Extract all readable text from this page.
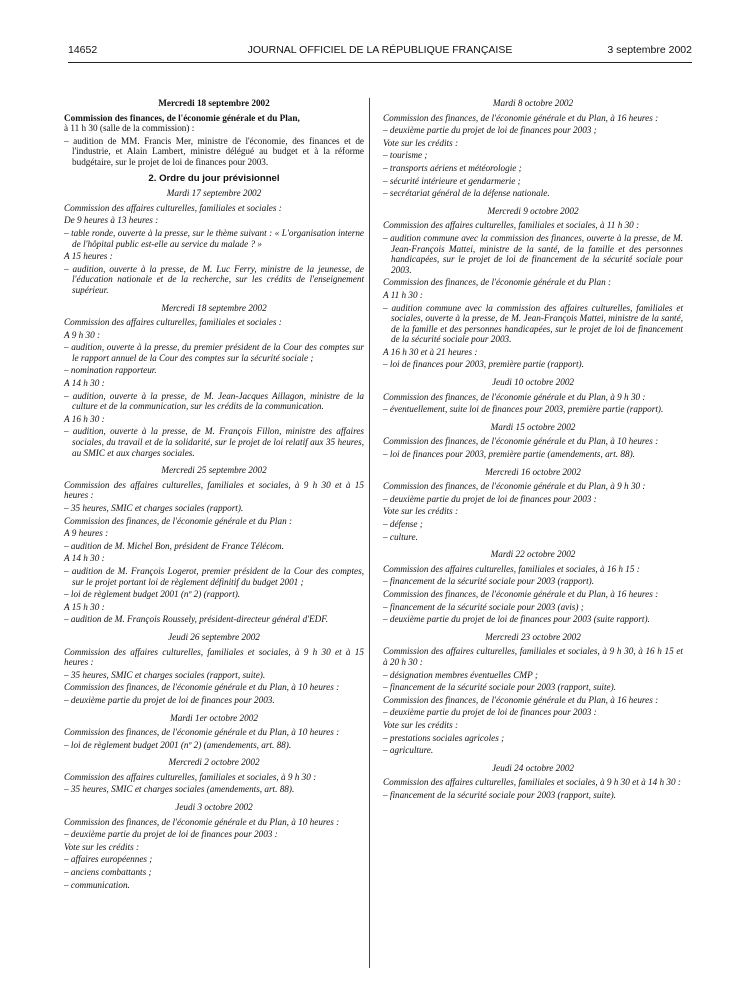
14652	JOURNAL OFFICIEL DE LA RÉPUBLIQUE FRANÇAISE	3 septembre 2002
Mercredi 18 septembre 2002

Commission des finances, de l'économie générale et du Plan,

à 11 h 30 (salle de la commission) :

– audition de MM. Francis Mer, ministre de l'économie, des finances et de l'industrie, et Alain Lambert, ministre délégué au budget et à la réforme budgétaire, sur le projet de loi de finances pour 2003.

2. Ordre du jour prévisionnel
Mardi 17 septembre 2002

Commission des affaires culturelles, familiales et sociales :

De 9 heures à 13 heures :

– table ronde, ouverte à la presse, sur le thème suivant : « L'organisation interne de l'hôpital public est-elle au service du malade ? »

A 15 heures :

– audition, ouverte à la presse, de M. Luc Ferry, ministre de la jeunesse, de l'éducation nationale et de la recherche, sur les crédits de l'enseignement supérieur.

Mercredi 18 septembre 2002

Commission des affaires culturelles, familiales et sociales :

A 9 h 30 :

– audition, ouverte à la presse, du premier président de la Cour des comptes sur le rapport annuel de la Cour des comptes sur la sécurité sociale ;

– nomination rapporteur.

A 14 h 30 :

– audition, ouverte à la presse, de M. Jean-Jacques Aillagon, ministre de la culture et de la communication, sur les crédits de la communication.

A 16 h 30 :

– audition, ouverte à la presse, de M. François Fillon, ministre des affaires sociales, du travail et de la solidarité, sur le projet de loi relatif aux 35 heures, au SMIC et aux charges sociales.

Mercredi 25 septembre 2002

Commission des affaires culturelles, familiales et sociales, à 9 h 30 et à 15 heures :

– 35 heures, SMIC et charges sociales (rapport).

Commission des finances, de l'économie générale et du Plan :

A 9 heures :

– audition de M. Michel Bon, président de France Télécom.

A 14 h 30 :

– audition de M. François Logerot, premier président de la Cour des comptes, sur le projet portant loi de règlement définitif du budget 2001 ;

– loi de règlement budget 2001 (nº 2) (rapport).

A 15 h 30 :

– audition de M. François Roussely, président-directeur général d'EDF.

Jeudi 26 septembre 2002

Commission des affaires culturelles, familiales et sociales, à 9 h 30 et à 15 heures :

– 35 heures, SMIC et charges sociales (rapport, suite).

Commission des finances, de l'économie générale et du Plan, à 10 heures :

– deuxième partie du projet de loi de finances pour 2003.

Mardi 1er octobre 2002

Commission des finances, de l'économie générale et du Plan, à 10 heures :

– loi de règlement budget 2001 (nº 2) (amendements, art. 88).

Mercredi 2 octobre 2002

Commission des affaires culturelles, familiales et sociales, à 9 h 30 :

– 35 heures, SMIC et charges sociales (amendements, art. 88).

Jeudi 3 octobre 2002

Commission des finances, de l'économie générale et du Plan, à 10 heures :

– deuxième partie du projet de loi de finances pour 2003 :

Vote sur les crédits :

– affaires européennes ;

– anciens combattants ;

– communication.

Mardi 8 octobre 2002

Commission des finances, de l'économie générale et du Plan, à 16 heures :

– deuxième partie du projet de loi de finances pour 2003 ;

Vote sur les crédits :

– tourisme ;

– transports aériens et météorologie ;

– sécurité intérieure et gendarmerie ;

– secrétariat général de la défense nationale.

Mercredi 9 octobre 2002

Commission des affaires culturelles, familiales et sociales, à 11 h 30 :

– audition commune avec la commission des finances, ouverte à la presse, de M. Jean-François Mattei, ministre de la santé, de la famille et des personnes handicapées, sur le projet de loi de financement de la sécurité sociale pour 2003.

Commission des finances, de l'économie générale et du Plan :

A 11 h 30 :

– audition commune avec la commission des affaires culturelles, familiales et sociales, ouverte à la presse, de M. Jean-François Mattei, ministre de la santé, de la famille et des personnes handicapées, sur le projet de loi de financement de la sécurité sociale pour 2003.

A 16 h 30 et à 21 heures :

– loi de finances pour 2003, première partie (rapport).

Jeudi 10 octobre 2002

Commission des finances, de l'économie générale et du Plan, à 9 h 30 :

– éventuellement, suite loi de finances pour 2003, première partie (rapport).

Mardi 15 octobre 2002

Commission des finances, de l'économie générale et du Plan, à 10 heures :

– loi de finances pour 2003, première partie (amendements, art. 88).

Mercredi 16 octobre 2002

Commission des finances, de l'économie générale et du Plan, à 9 h 30 :

– deuxième partie du projet de loi de finances pour 2003 :

Vote sur les crédits :

– défense ;

– culture.

Mardi 22 octobre 2002

Commission des affaires culturelles, familiales et sociales, à 16 h 15 :

– financement de la sécurité sociale pour 2003 (rapport).

Commission des finances, de l'économie générale et du Plan, à 16 heures :

– financement de la sécurité sociale pour 2003 (avis) ;

– deuxième partie du projet de loi de finances pour 2003 (suite rapport).

Mercredi 23 octobre 2002

Commission des affaires culturelles, familiales et sociales, à 9 h 30, à 16 h 15 et à 20 h 30 :

– désignation membres éventuelles CMP ;

– financement de la sécurité sociale pour 2003 (rapport, suite).

Commission des finances, de l'économie générale et du Plan, à 16 heures :

– deuxième partie du projet de loi de finances pour 2003 :

Vote sur les crédits :

– prestations sociales agricoles ;

– agriculture.

Jeudi 24 octobre 2002

Commission des affaires culturelles, familiales et sociales, à 9 h 30 et à 14 h 30 :

– financement de la sécurité sociale pour 2003 (rapport, suite).
